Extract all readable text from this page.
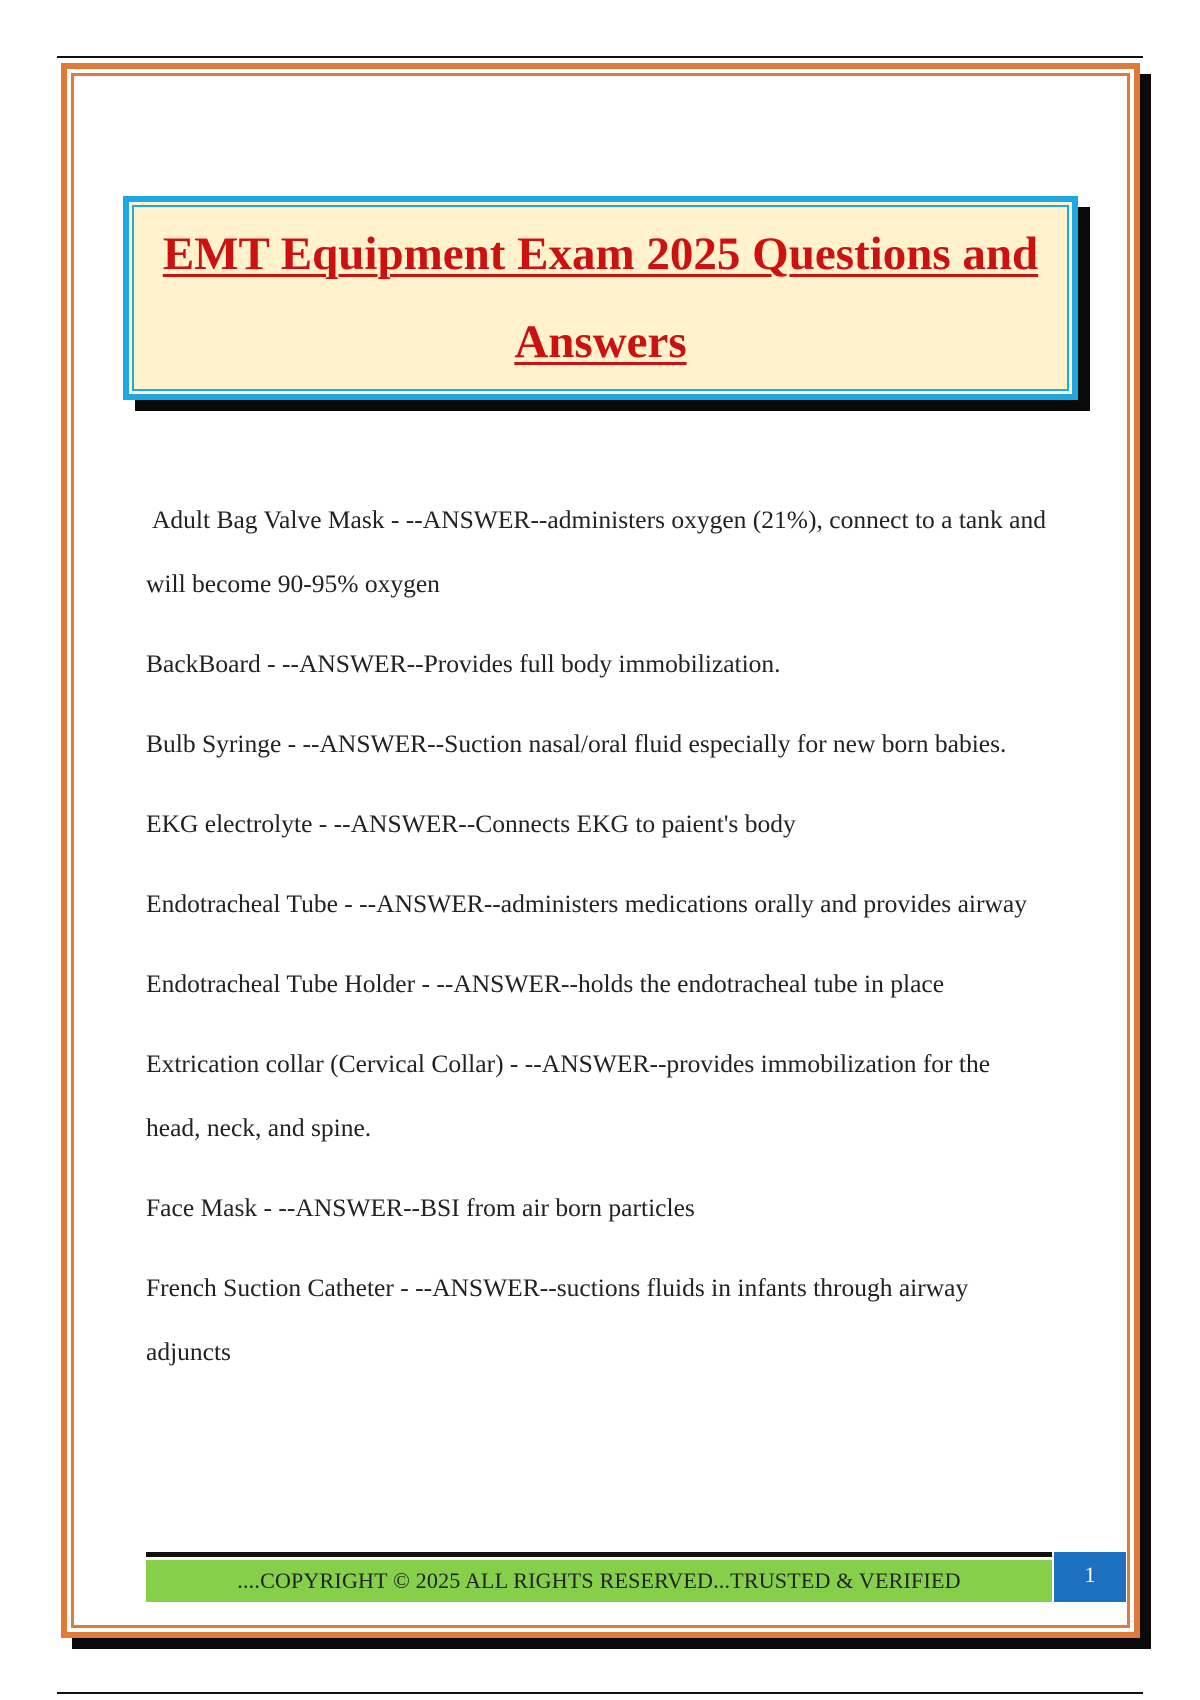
EMT Equipment Exam 2025 Questions and Answers
Adult Bag Valve Mask - --ANSWER--administers oxygen (21%), connect to a tank and will become 90-95% oxygen
BackBoard - --ANSWER--Provides full body immobilization.
Bulb Syringe - --ANSWER--Suction nasal/oral fluid especially for new born babies.
EKG electrolyte - --ANSWER--Connects EKG to paient's body
Endotracheal Tube - --ANSWER--administers medications orally and provides airway
Endotracheal Tube Holder - --ANSWER--holds the endotracheal tube in place
Extrication collar (Cervical Collar) - --ANSWER--provides immobilization for the head, neck, and spine.
Face Mask - --ANSWER--BSI from air born particles
French Suction Catheter - --ANSWER--suctions fluids in infants through airway adjuncts
....COPYRIGHT © 2025 ALL RIGHTS RESERVED...TRUSTED & VERIFIED	1
